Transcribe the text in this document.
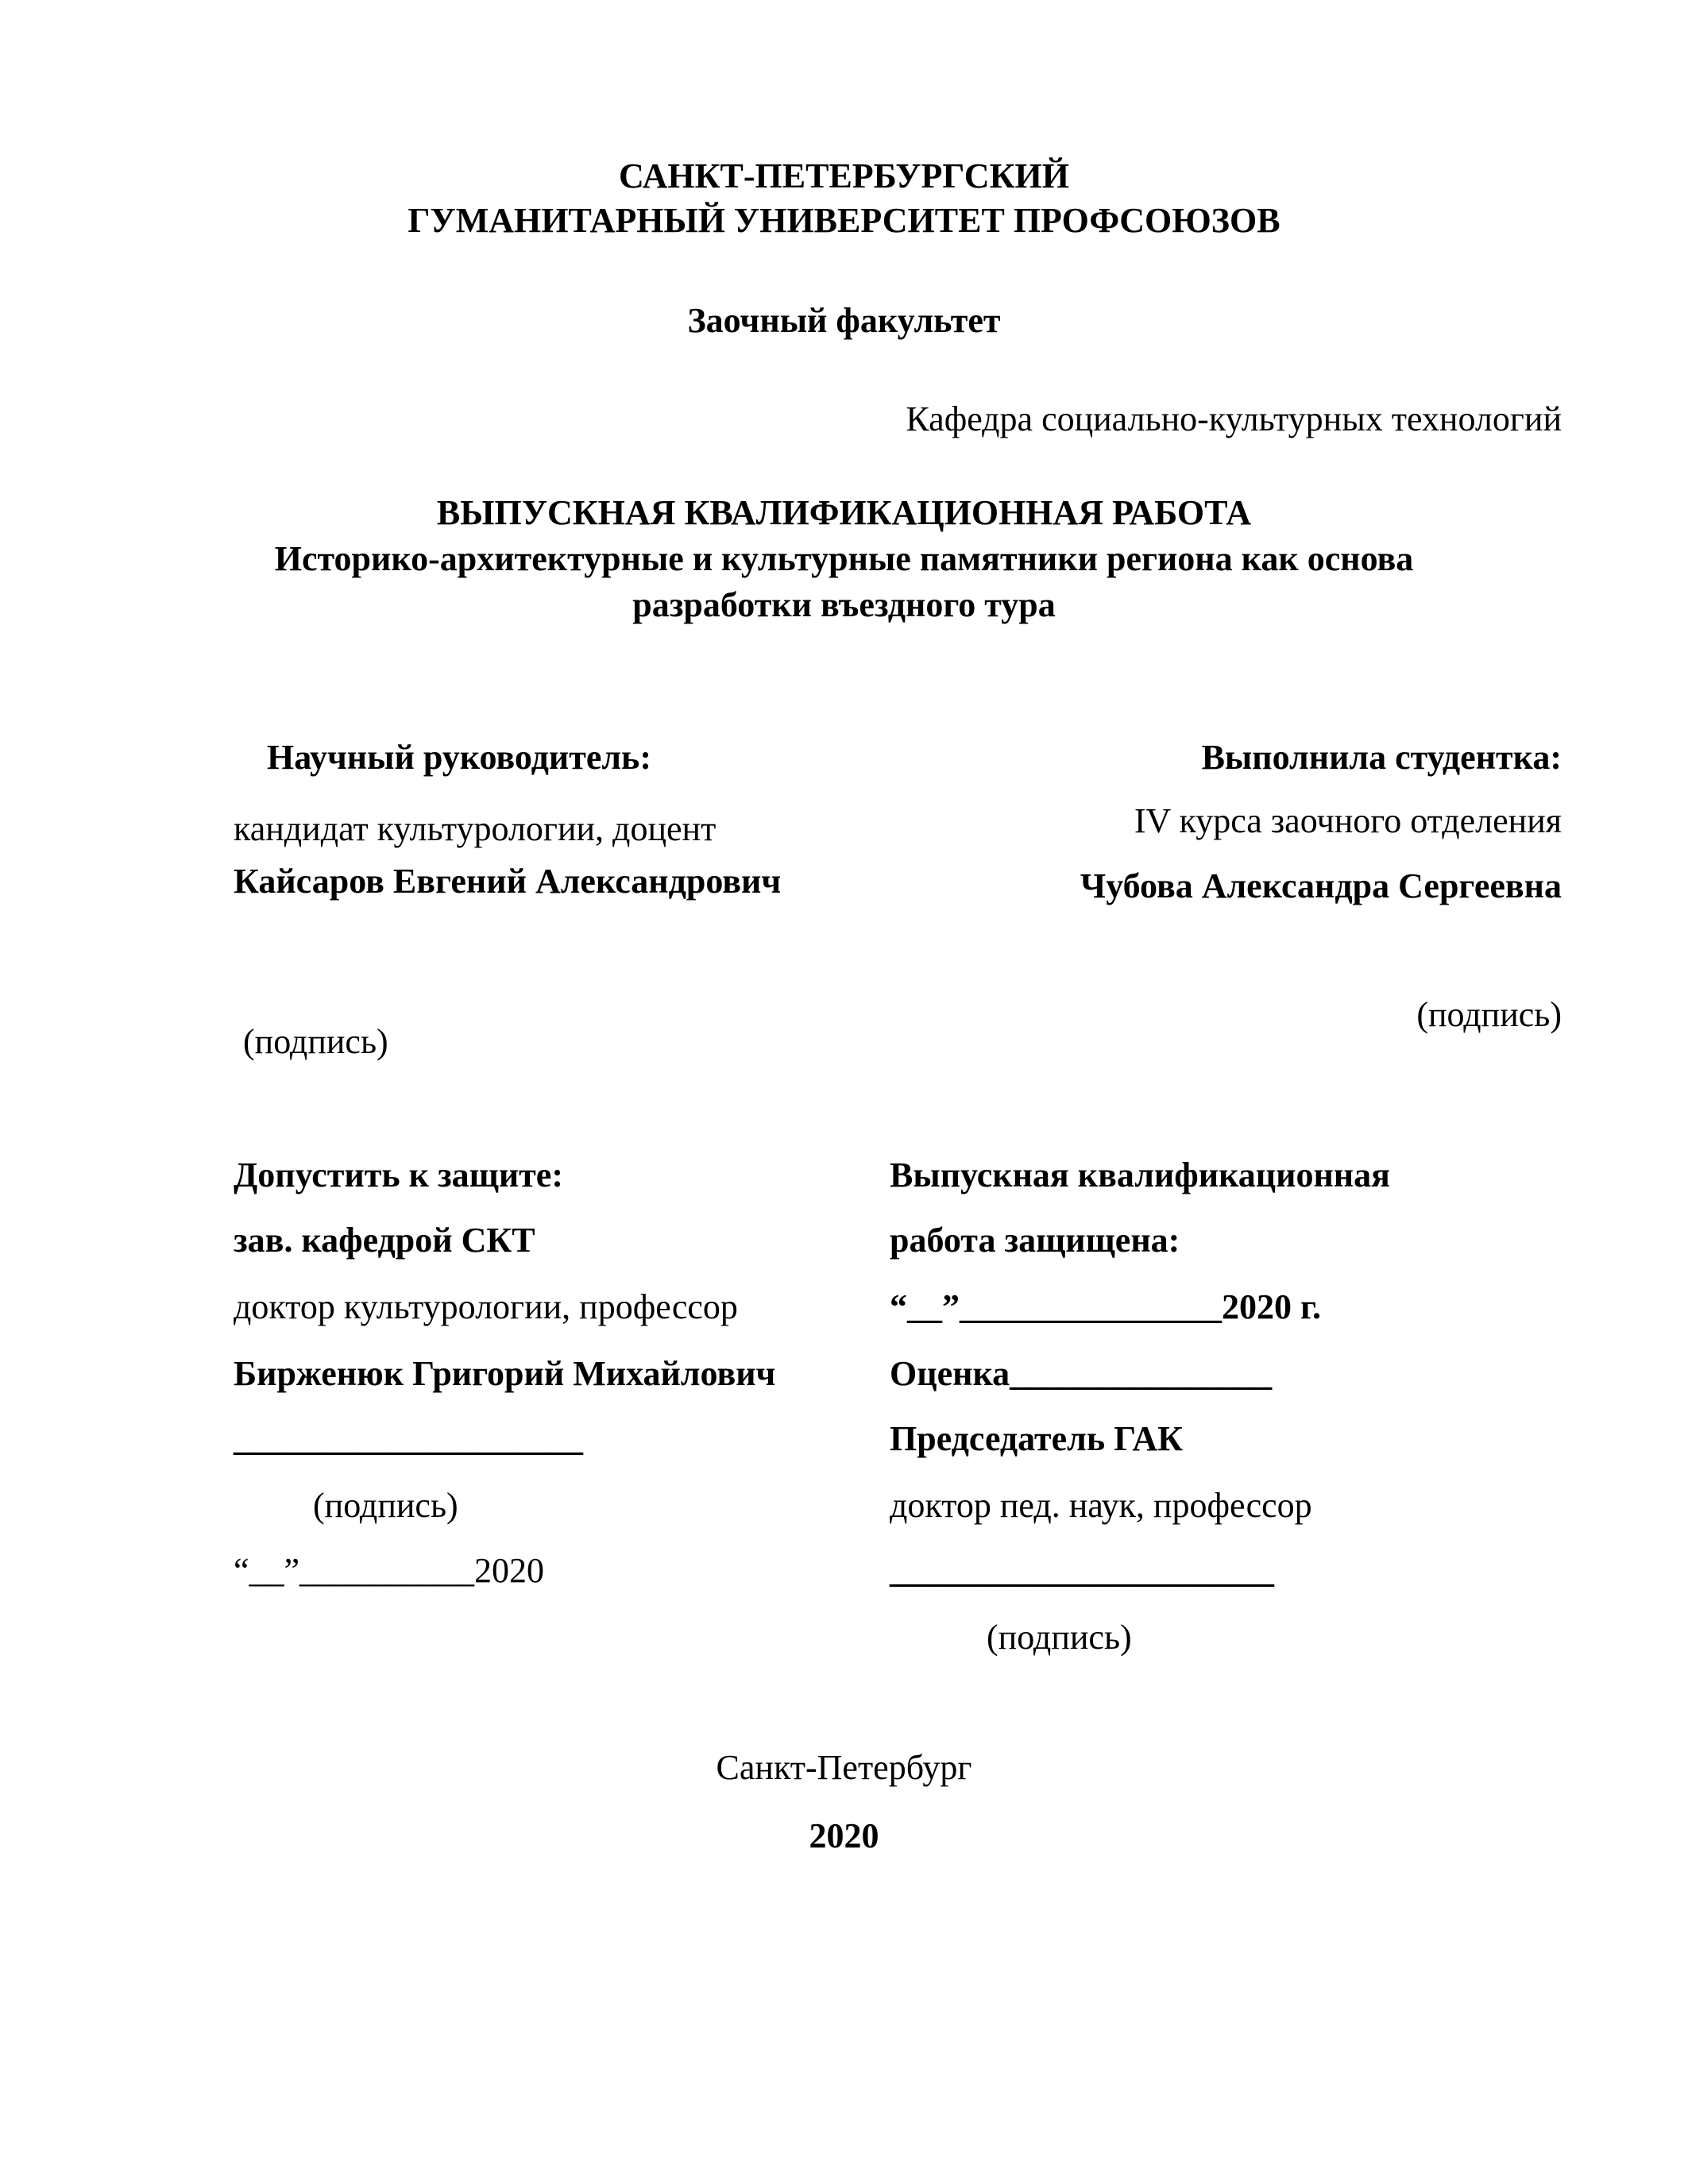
САНКТ-ПЕТЕРБУРГСКИЙ
ГУМАНИТАРНЫЙ УНИВЕРСИТЕТ ПРОФСОЮЗОВ
Заочный факультет
Кафедра социально-культурных технологий
ВЫПУСКНАЯ КВАЛИФИКАЦИОННАЯ РАБОТА
Историко-архитектурные и культурные памятники региона как основа
разработки въездного тура
Научный руководитель:
кандидат культурологии, доцент
Кайсаров Евгений Александрович
(подпись)
Выполнила студентка:
IV курса заочного отделения
Чубова Александра Сергеевна
(подпись)
Допустить к защите:
зав. кафедрой СКТ
доктор культурологии, профессор
Бирженюк Григорий Михайлович
____________________
(подпись)
“__”__________2020
Выпускная квалификационная
работа защищена:
“__”_______________2020 г.
Оценка_______________
Председатель ГАК
доктор пед. наук, профессор
______________________
(подпись)
Санкт-Петербург
2020
